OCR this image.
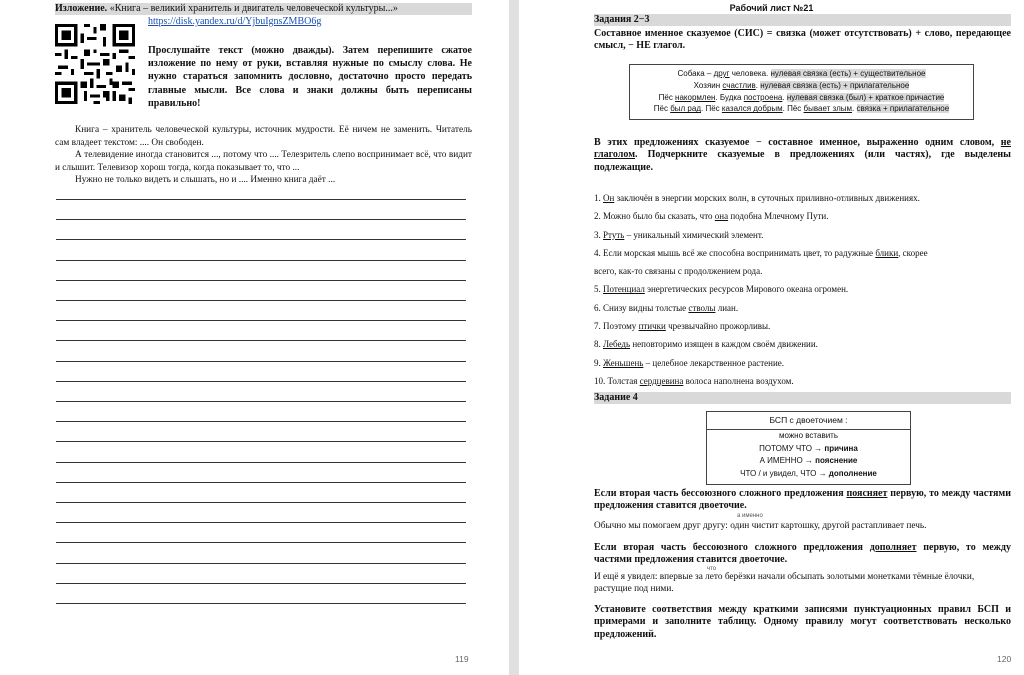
Изложение. «Книга – великий хранитель и двигатель человеческой культуры...»
https://disk.yandex.ru/d/YjbuIgnsZMBO6g
Прослушайте текст (можно дважды). Затем перепишите сжатое изложение по нему от руки, вставляя нужные по смыслу слова. Не нужно стараться запомнить дословно, достаточно просто передать главные мысли. Все слова и знаки должны быть переписаны правильно!

Книга – хранитель человеческой культуры, источник мудрости. Её ничем не заменить. Читатель сам владеет текстом: .... Он свободен.

А телевидение иногда становится ..., потому что .... Телезритель слепо воспринимает всё, что видит и слышит. Телевизор хорош тогда, когда показывает то, что ...

Нужно не только видеть и слышать, но и .... Именно книга даёт ...

119
Рабочий лист №21
Задания 2−3
Составное именное сказуемое (СИС) = связка (может отсутствовать) + слово, передающее смысл, − НЕ глагол.
Собака – друг человека. нулевая связка (есть) + существительное
Хозяин счастлив. нулевая связка (есть) + прилагательное
Пёс накормлен. Будка построена. нулевая связка (был) + краткое причастие
Пёс был рад. Пёс казался добрым. Пёс бывает злым. связка + прилагательное
В этих предложениях сказуемое − составное именное, выраженно одним словом, не глаголом. Подчеркните сказуемые в предложениях (или частях), где выделены подлежащие.
1. Он заключён в энергии морских волн, в суточных приливно-отливных движениях.
2. Можно было бы сказать, что она подобна Млечному Пути.
3. Ртуть – уникальный химический элемент.
4. Если морская мышь всё же способна воспринимать цвет, то радужные блики, скорее
всего, как-то связаны с продолжением рода.
5. Потенциал энергетических ресурсов Мирового океана огромен.
6. Снизу видны толстые стволы лиан.
7. Поэтому птички чрезвычайно прожорливы.
8. Лебедь неповторимо изящен в каждом своём движении.
9. Женьшень – целебное лекарственное растение.
10. Толстая сердцевина волоса наполнена воздухом.
Задание 4
БСП с двоеточием :
можно вставить
ПОТОМУ ЧТО → причина
А ИМЕННО → пояснение
ЧТО / и увидел, ЧТО → дополнение
Если вторая часть бессоюзного сложного предложения поясняет первую, то между частями предложения ставится двоеточие.
а именно
Обычно мы помогаем друг другу: один чистит картошку, другой растапливает печь.
Если вторая часть бессоюзного сложного предложения дополняет первую, то между частями предложения ставится двоеточие.
что
И ещё я увидел: впервые за лето берёзки начали обсыпать золотыми монетками тёмные ёлочки, растущие под ними.
Установите соответствия между краткими записями пунктуационных правил БСП и примерами и заполните таблицу. Одному правилу могут соответствовать несколько предложений.
120
